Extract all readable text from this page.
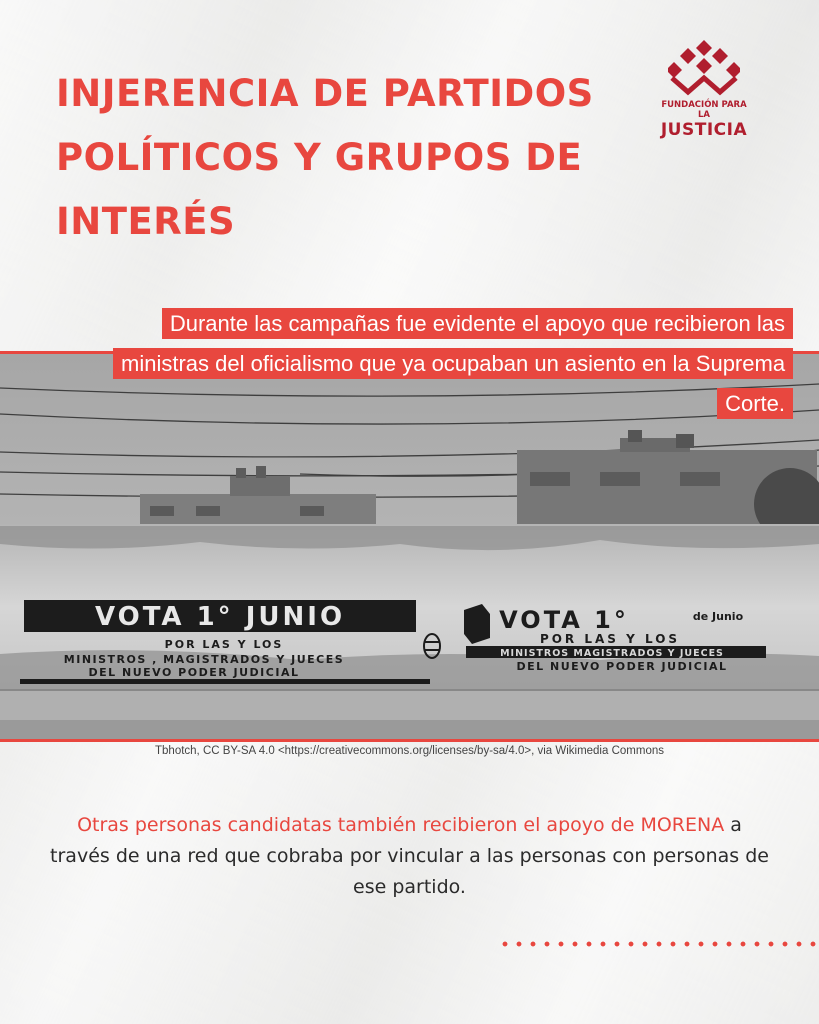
INJERENCIA DE PARTIDOS POLÍTICOS Y GRUPOS DE INTERÉS
FUNDACIÓN PARA LA
JUSTICIA
VOTA 1° JUNIO
POR LAS Y LOS
MINISTROS , MAGISTRADOS Y JUECES
DEL NUEVO PODER JUDICIAL
VOTA 1°	de Junio
POR LAS Y LOS
MINISTROS MAGISTRADOS Y JUECES
DEL NUEVO PODER JUDICIAL
Durante las campañas fue evidente el apoyo que recibieron las ministras del oficialismo que ya ocupaban un asiento en la Suprema Corte.
Tbhotch, CC BY-SA 4.0 <https://creativecommons.org/licenses/by-sa/4.0>, via Wikimedia Commons

Otras personas candidatas también recibieron el apoyo de MORENA a través de una red que cobraba por vincular a las personas con personas de ese partido.
